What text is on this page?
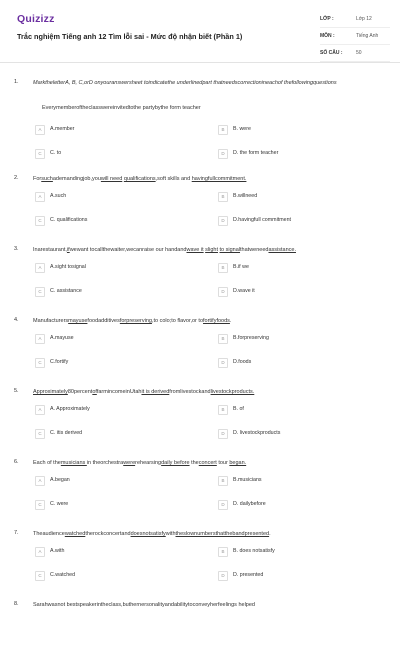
Quizizz
Trắc nghiệm Tiếng anh 12 Tìm lỗi sai - Mức độ nhận biết (Phần 1)
LỚP :	Lớp 12
MÔN :	Tiếng Anh
SỐ CÂU :	50
1.	MarktheletterA, B, C,orD onyouranswersheet toindicatethe underlinedpart thatneedscorrectionineachof thefollowingquestions
Everymemberoftheclasswereinvitedtothe partybythe form teacher
A	A.member	B	B. were
C	C. to	D	D. the form teacher
2.	Forsuchademandingjob,youwill need qualifications,soft skills and havingfullcommitment.
A	A.such	B	B.willneed
C	C. qualifications	D	D.havingfull commitment
3.	Inarestaurant,ifwewant tocallthewaiter,wecanraise our handandwave it slight to signalthatweneedassistance.
A	A.sight tosignal	B	B.if we
C	C. assistance	D	D.wave it
4.	Manufacturersmayusefoodadditivesforpreserving,to colo;to flavor,or tofortifyfoods.
A	A.mayuse	B	B.forpreserving
C	C.fortify	D	D.foods
5.	Approximately80percentoffarmincomeinUtahit is derivedfromlivestockandlivestockproducts.
A	A. Approximately	B	B. of
C	C. itis derived	D	D. livestockproducts
6.	Each of themusicians in theorchestrawererehearsingdaily before theconcert tour began.
A	A.began	B	B.musicians
C	C. were	D	D. dailybefore
7.	Theaudiencewatchedtherockconcertanddoesnotsatisfywiththeslownumbersthatthebandpresented.
A	A.with	B	B. does notsatisfy
C	C.watched	D	D. presented
8.	Sarahwasnot bestspeakerintheclass,buthernersonalityandabilitytoconveyherfeelings helped
